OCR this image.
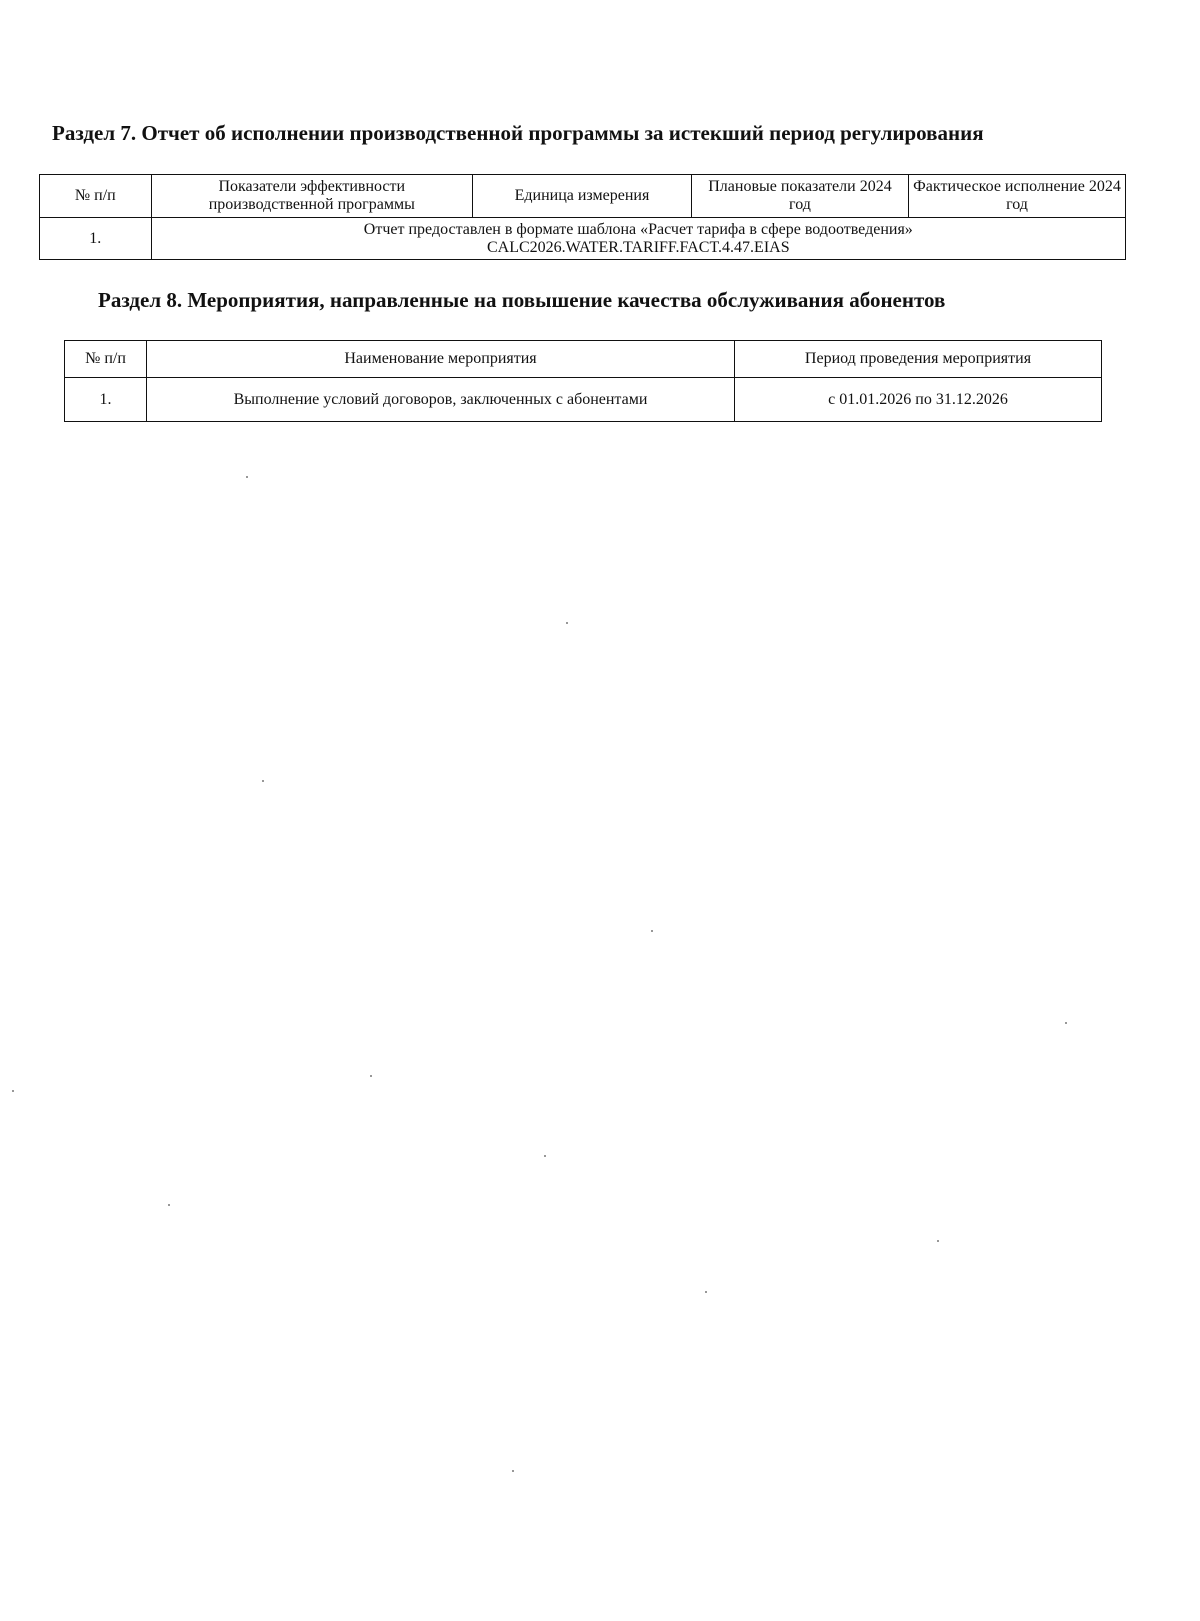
Раздел 7. Отчет об исполнении производственной программы за истекший период регулирования
№ п/п	Показатели эффективности производственной программы	Единица измерения	Плановые показатели 2024 год	Фактическое исполнение 2024 год
1.	Отчет предоставлен в формате шаблона «Расчет тарифа в сфере водоотведения»
CALC2026.WATER.TARIFF.FACT.4.47.EIAS			
Раздел 8. Мероприятия, направленные на повышение качества обслуживания абонентов
№ п/п	Наименование мероприятия	Период проведения мероприятия
1.	Выполнение условий договоров, заключенных с абонентами	с 01.01.2026 по 31.12.2026
